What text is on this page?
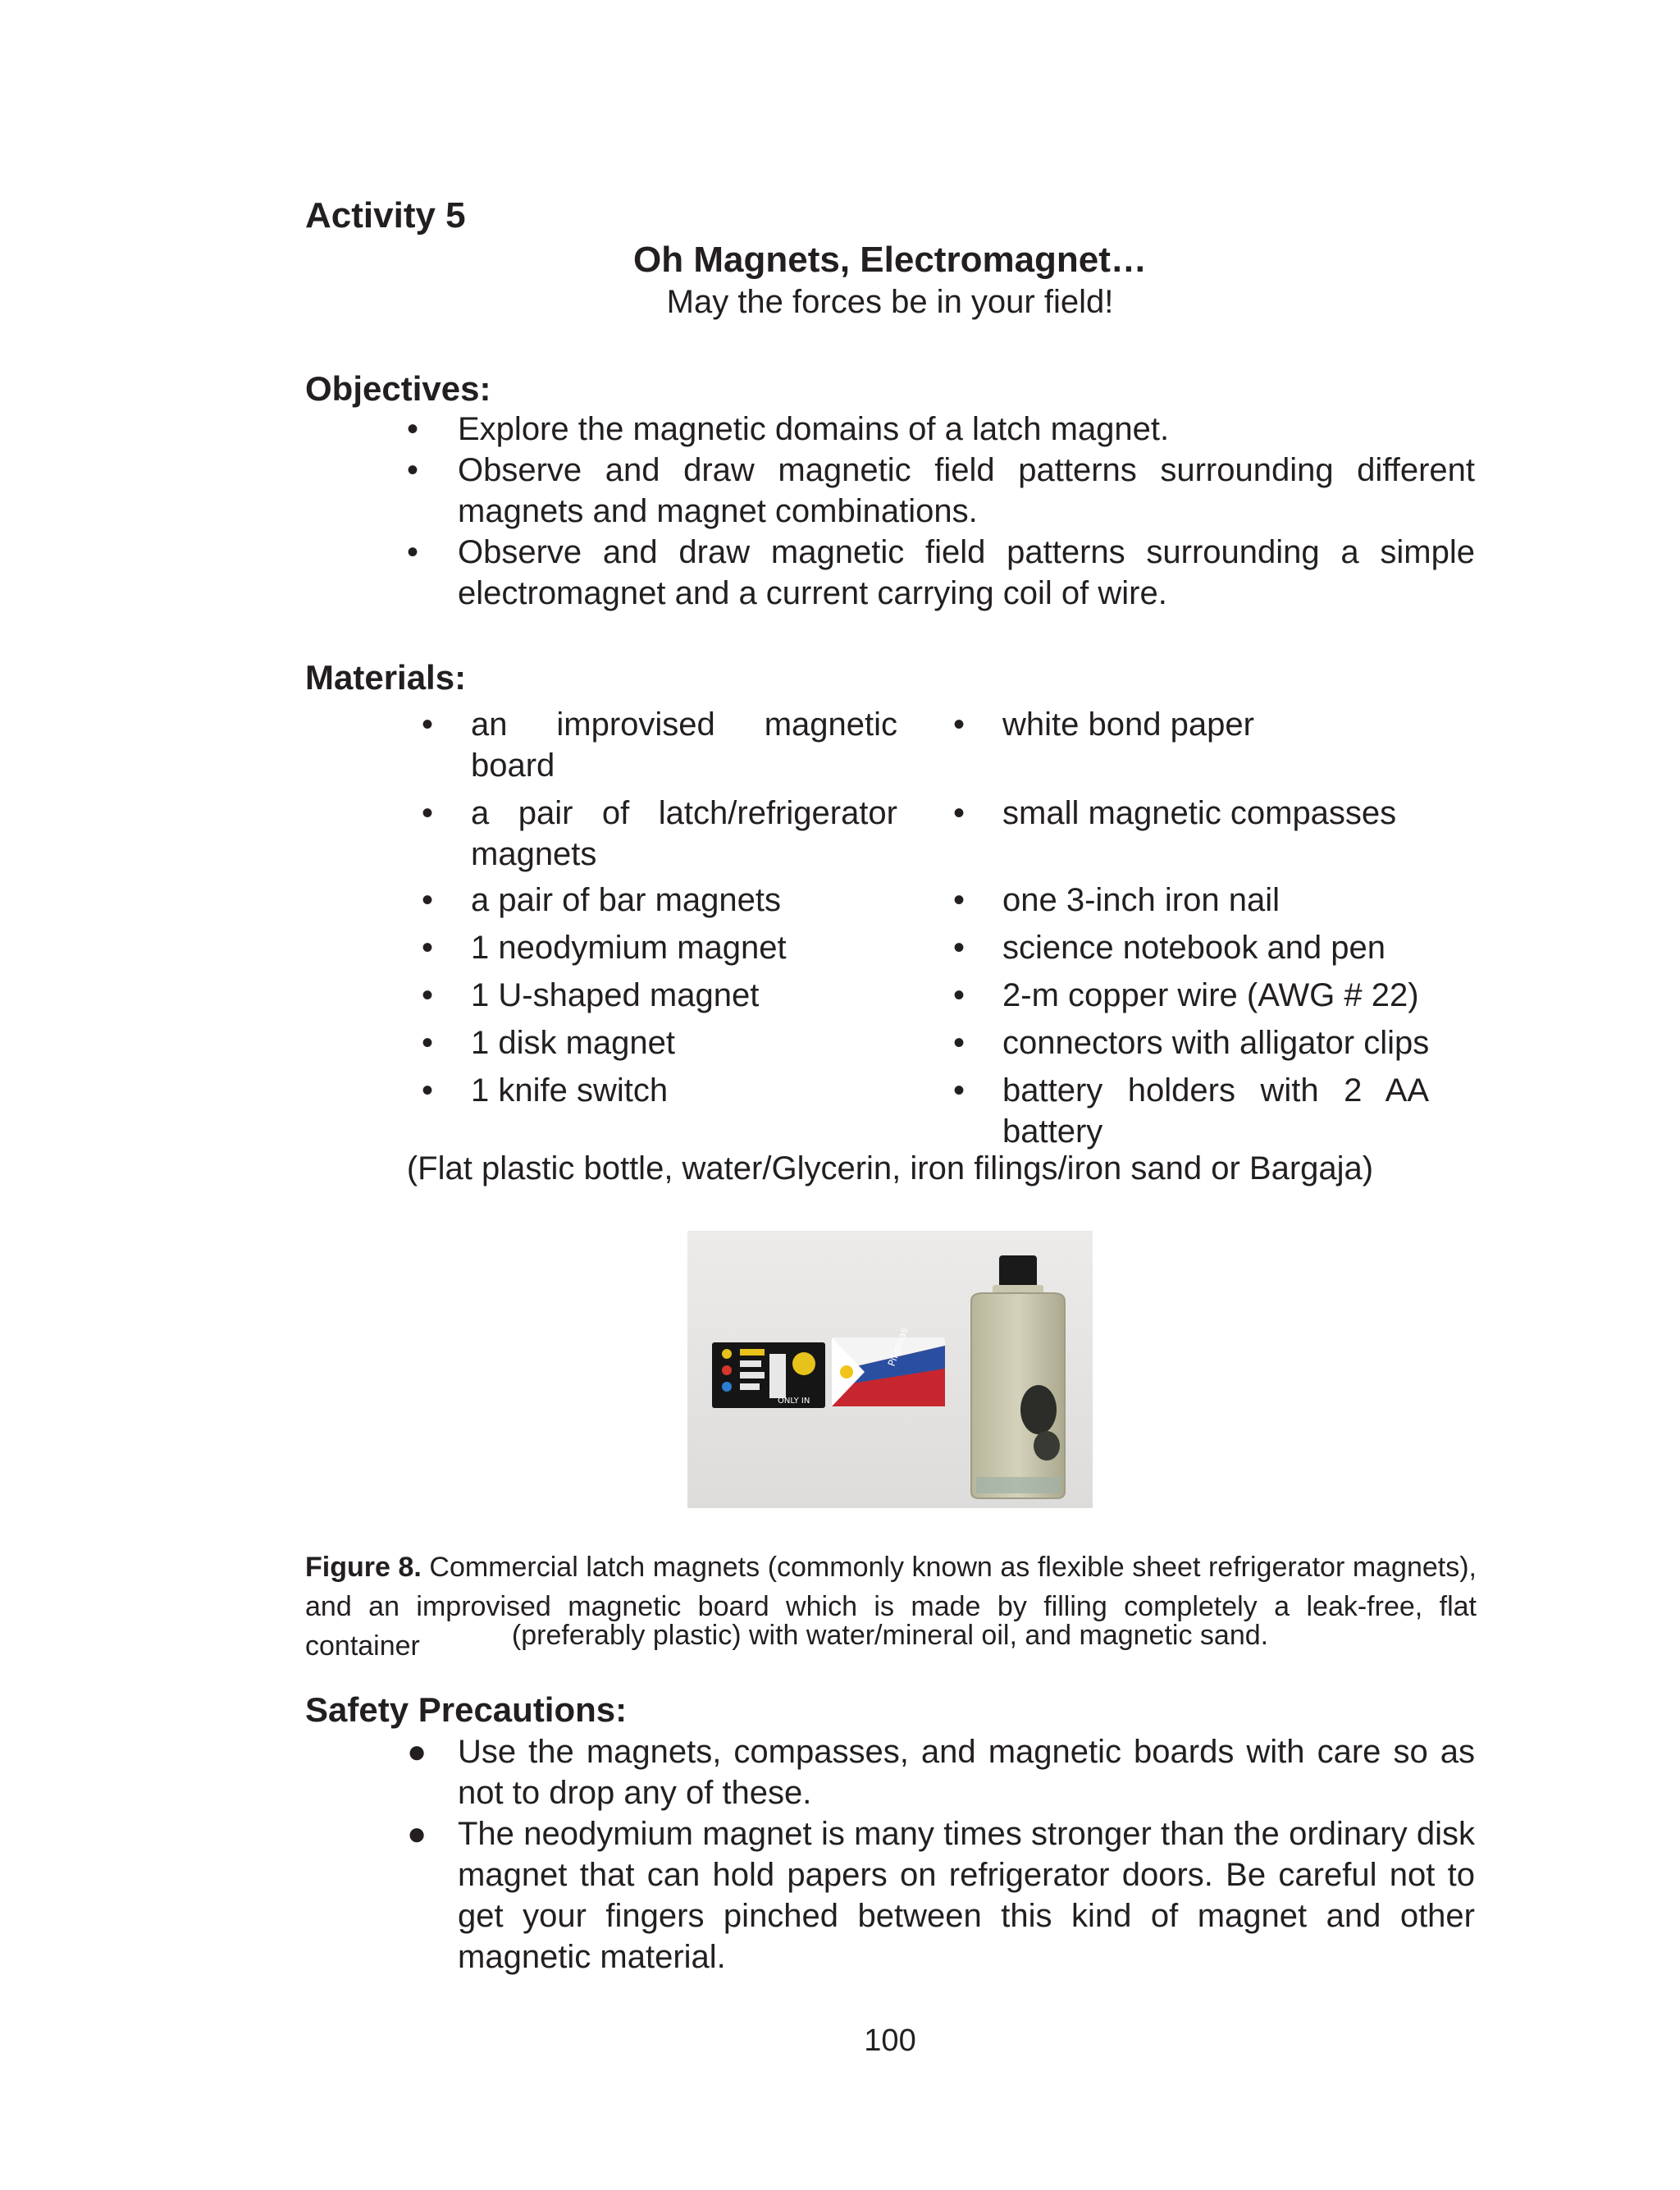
Activity 5
Oh Magnets, Electromagnet…
May the forces be in your field!
Objectives:
• Explore the magnetic domains of a latch magnet.
• Observe and draw magnetic field patterns surrounding different magnets and magnet combinations.
• Observe and draw magnetic field patterns surrounding a simple electromagnet and a current carrying coil of wire.
Materials:
• an improvised magnetic board
• a pair of latch/refrigerator magnets
• a pair of bar magnets
• 1 neodymium magnet
• 1 U-shaped magnet
• 1 disk magnet
• 1 knife switch
• white bond paper
• small magnetic compasses
• one 3-inch iron nail
• science notebook and pen
• 2-m copper wire (AWG # 22)
• connectors with alligator clips
• battery holders with 2 AA battery
(Flat plastic bottle, water/Glycerin, iron filings/iron sand or Bargaja)
ONLY IN
Pilipinas
Figure 8. Commercial latch magnets (commonly known as flexible sheet refrigerator magnets), and an improvised magnetic board which is made by filling completely a leak-free, flat container	(preferably plastic) with water/mineral oil, and magnetic sand.
Safety Precautions:
● Use the magnets, compasses, and magnetic boards with care so as not to drop any of these.
● The neodymium magnet is many times stronger than the ordinary disk magnet that can hold papers on refrigerator doors. Be careful not to get your fingers pinched between this kind of magnet and other magnetic material.
100
